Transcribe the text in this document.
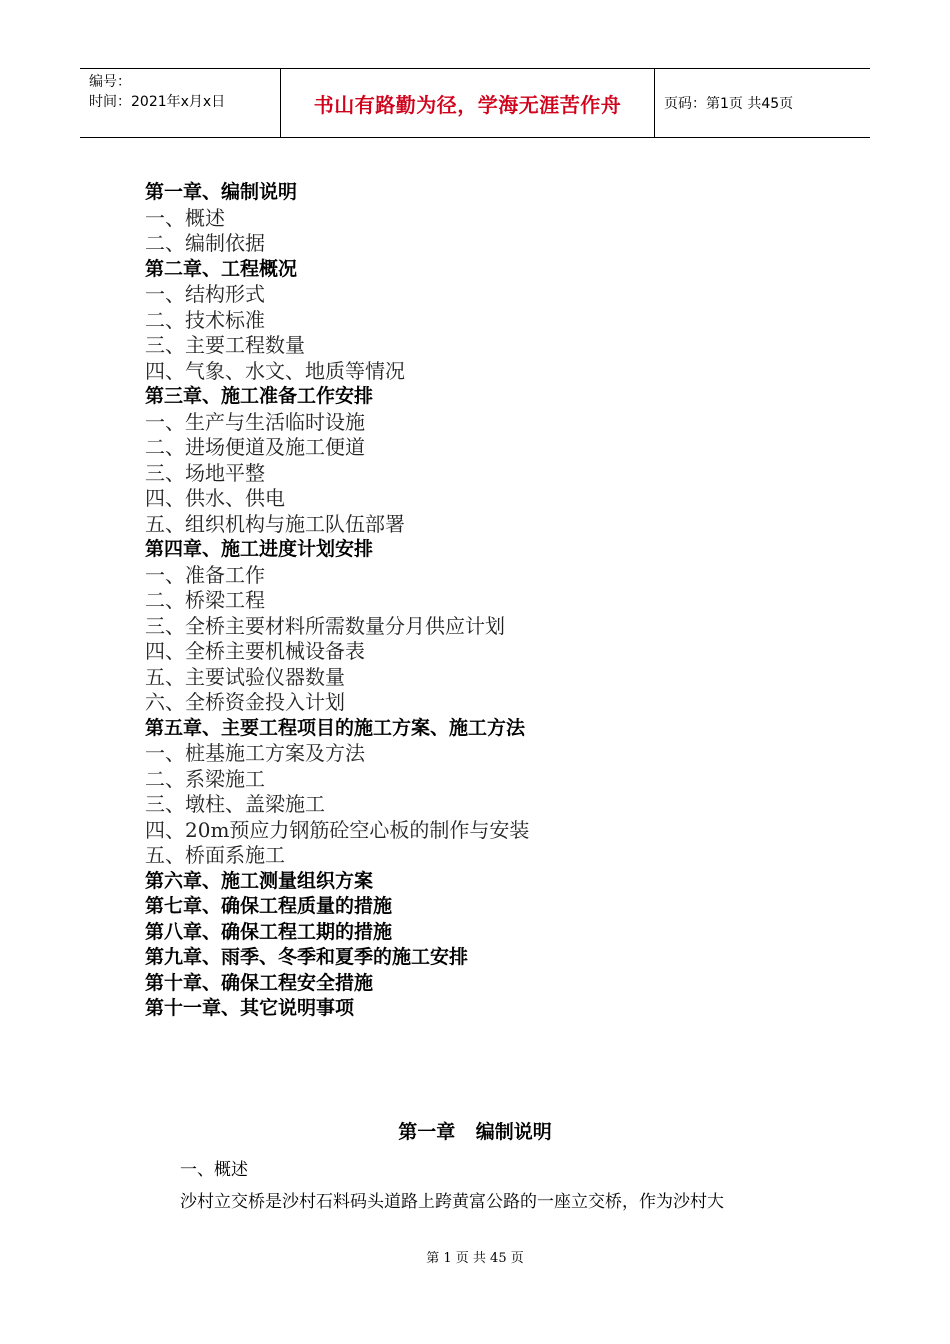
编号：
时间：2021年x月x日	书山有路勤为径，学海无涯苦作舟	页码：第1页 共45页
第一章、编制说明
一、概述
二、编制依据
第二章、工程概况
一、结构形式
二、技术标准
三、主要工程数量
四、气象、水文、地质等情况
第三章、施工准备工作安排
一、生产与生活临时设施
二、进场便道及施工便道
三、场地平整
四、供水、供电
五、组织机构与施工队伍部署
第四章、施工进度计划安排
一、准备工作
二、桥梁工程
三、全桥主要材料所需数量分月供应计划
四、全桥主要机械设备表
五、主要试验仪器数量
六、全桥资金投入计划
第五章、主要工程项目的施工方案、施工方法
一、桩基施工方案及方法
二、系梁施工
三、墩柱、盖梁施工
四、20m预应力钢筋砼空心板的制作与安装
五、桥面系施工
第六章、施工测量组织方案
第七章、确保工程质量的措施
第八章、确保工程工期的措施
第九章、雨季、冬季和夏季的施工安排
第十章、确保工程安全措施
第十一章、其它说明事项
第一章 编制说明
一、概述
沙村立交桥是沙村石料码头道路上跨黄富公路的一座立交桥，作为沙村大
第 1 页 共 45 页
